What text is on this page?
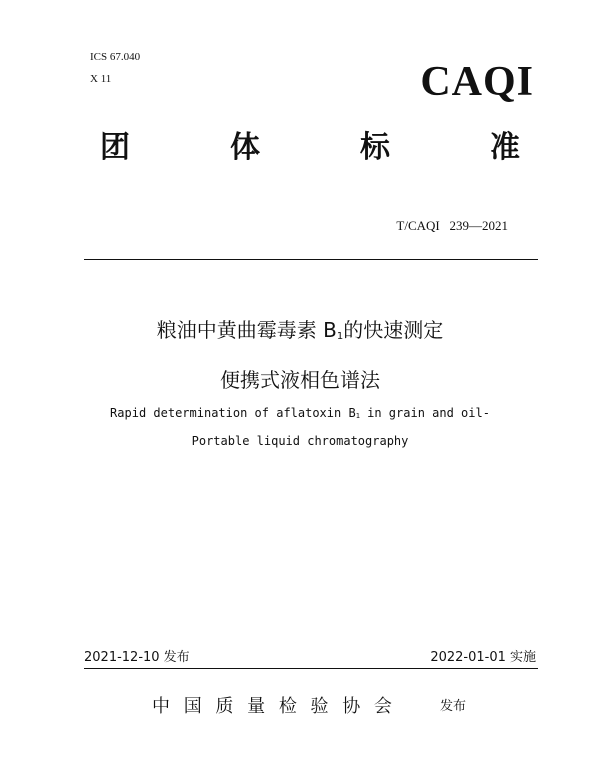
ICS 67.040
X 11	CAQI
团	体	标	准
T/CAQI   239—2021
粮油中黄曲霉毒素 $B_1$的快速测定
便携式液相色谱法
Rapid determination of aflatoxin $B_1$ in grain and oil-
Portable liquid chromatography
2021-12-10 发布	2022-01-01 实施
中 国 质 量 检 验 协 会	发布
